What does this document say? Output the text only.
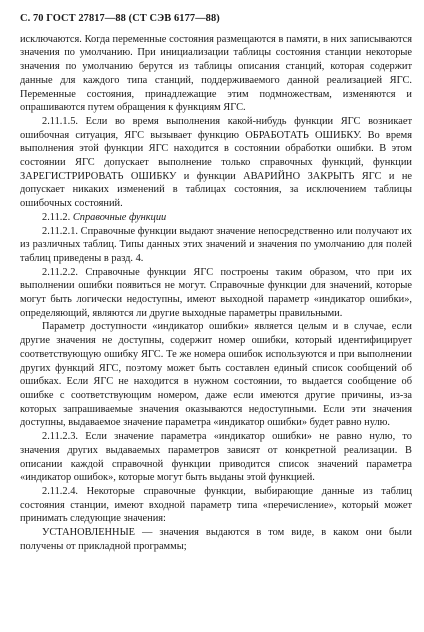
С. 70 ГОСТ 27817—88 (СТ СЭВ 6177—88)

исключаются. Когда переменные состояния размещаются в памяти, в них записываются значения по умолчанию. При инициализации таблицы состояния станции некоторые значения по умолчанию берутся из таблицы описания станций, которая содержит данные для каждого типа станций, поддерживаемого данной реализацией ЯГС. Переменные состояния, принадлежащие этим подмножествам, изменяются и опрашиваются путем обращения к функциям ЯГС.

2.11.1.5. Если во время выполнения какой-нибудь функции ЯГС возникает ошибочная ситуация, ЯГС вызывает функцию ОБРАБОТАТЬ ОШИБКУ. Во время выполнения этой функции ЯГС находится в состоянии обработки ошибки. В этом состоянии ЯГС допускает выполнение только справочных функций, функции ЗАРЕГИСТРИРОВАТЬ ОШИБКУ и функции АВАРИЙНО ЗАКРЫТЬ ЯГС и не допускает никаких изменений в таблицах состояния, за исключением таблицы ошибочных состояний.

2.11.2. Справочные функции

2.11.2.1. Справочные функции выдают значение непосредственно или получают их из различных таблиц. Типы данных этих значений и значения по умолчанию для полей таблиц приведены в разд. 4.

2.11.2.2. Справочные функции ЯГС построены таким образом, что при их выполнении ошибки появиться не могут. Справочные функции для значений, которые могут быть логически недоступны, имеют выходной параметр «индикатор ошибки», определяющий, являются ли другие выходные параметры правильными.

Параметр доступности «индикатор ошибки» является целым и в случае, если другие значения не доступны, содержит номер ошибки, который идентифицирует соответствующую ошибку ЯГС. Те же номера ошибок используются и при выполнении других функций ЯГС, поэтому может быть составлен единый список сообщений об ошибках. Если ЯГС не находится в нужном состоянии, то выдается сообщение об ошибке с соответствующим номером, даже если имеются другие причины, из-за которых запрашиваемые значения оказываются недоступными. Если эти значения доступны, выдаваемое значение параметра «индикатор ошибки» будет равно нулю.

2.11.2.3. Если значение параметра «индикатор ошибки» не равно нулю, то значения других выдаваемых параметров зависят от конкретной реализации. В описании каждой справочной функции приводится список значений параметра «индикатор ошибок», которые могут быть выданы этой функцией.

2.11.2.4. Некоторые справочные функции, выбирающие данные из таблиц состояния станции, имеют входной параметр типа «перечисление», который может принимать следующие значения:

УСТАНОВЛЕННЫЕ — значения выдаются в том виде, в каком они были получены от прикладной программы;
